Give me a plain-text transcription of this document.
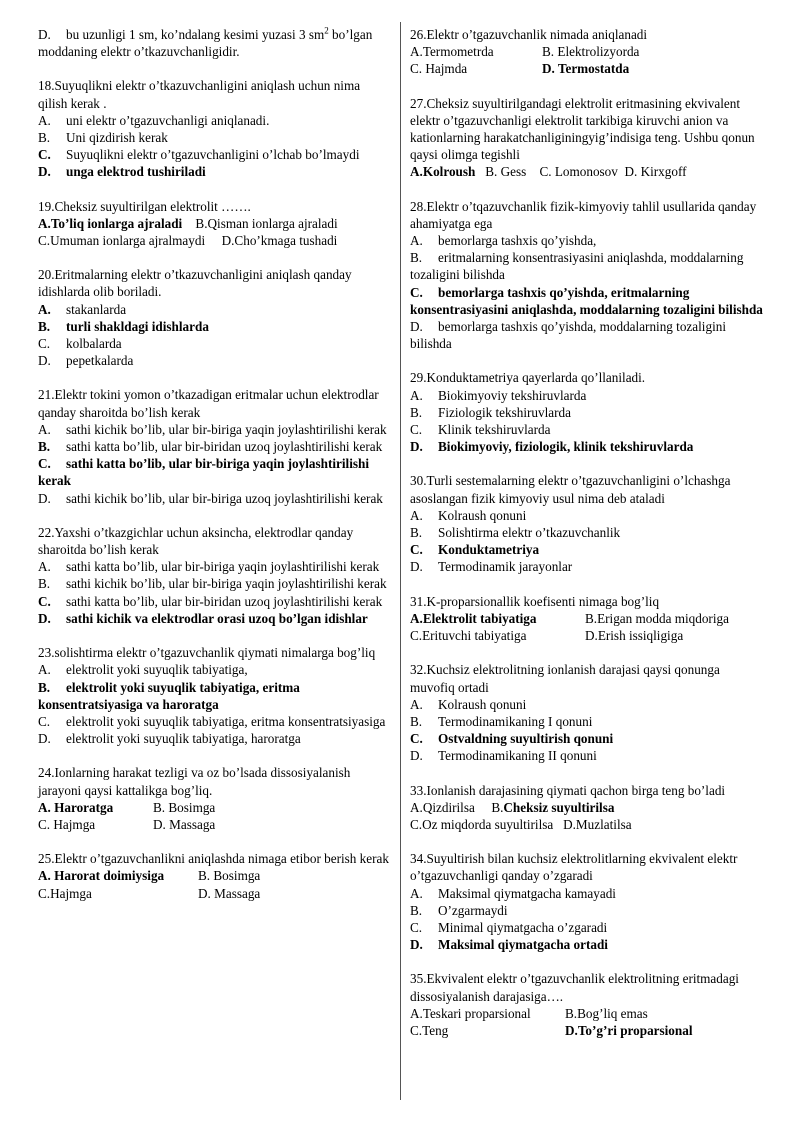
D. bu uzunligi 1 sm, ko’ndalang kesimi yuzasi 3 $sm^2$ bo’lgan moddaning elektr o’tkazuvchanligidir.
18.Suyuqlikni elektr o’tkazuvchanligini aniqlash uchun nima qilish kerak .
A. uni elektr o’tgazuvchanligi aniqlanadi.
B. Uni qizdirish kerak
C. Suyuqlikni elektr o’tgazuvchanligini o’lchab bo’lmaydi
D. unga elektrod tushiriladi
19.Cheksiz suyultirilgan elektrolit …….
A.To’liq ionlarga ajraladi B.Qisman ionlarga ajraladi
C.Umuman ionlarga ajralmaydi D.Cho’kmaga tushadi
20.Eritmalarning elektr o’tkazuvchanligini aniqlash qanday idishlarda olib boriladi.
A. stakanlarda
B. turli shakldagi idishlarda
C. kolbalarda
D. pepetkalarda
21.Elektr tokini yomon o’tkazadigan eritmalar uchun elektrodlar qanday sharoitda bo’lish kerak
A. sathi kichik bo’lib, ular bir-biriga yaqin joylashtirilishi kerak
B. sathi katta bo’lib, ular bir-biridan uzoq joylashtirilishi kerak
C. sathi katta bo’lib, ular bir-biriga yaqin joylashtirilishi kerak
D. sathi kichik bo’lib, ular bir-biriga uzoq joylashtirilishi kerak
22.Yaxshi o’tkazgichlar uchun aksincha, elektrodlar qanday sharoitda bo’lish kerak
A. sathi katta bo’lib, ular bir-biriga yaqin joylashtirilishi kerak
B. sathi kichik bo’lib, ular bir-biriga yaqin joylashtirilishi kerak
C. sathi katta bo’lib, ular bir-biridan uzoq joylashtirilishi kerak
D. sathi kichik va elektrodlar orasi uzoq bo’lgan idishlar
23.solishtirma elektr o’tgazuvchanlik qiymati nimalarga bog’liq
A. elektrolit yoki suyuqlik tabiyatiga,
B. elektrolit yoki suyuqlik tabiyatiga, eritma konsentratsiyasiga va haroratga
C. elektrolit yoki suyuqlik tabiyatiga, eritma konsentratsiyasiga
D. elektrolit yoki suyuqlik tabiyatiga, haroratga
24.Ionlarning harakat tezligi va oz bo’lsada dissosiyalanish jarayoni qaysi kattalikga bog’liq.
A. Haroratga	B. Bosimga
C. Hajmga	D. Massaga
25.Elektr o’tgazuvchanlikni aniqlashda nimaga etibor berish kerak
A. Harorat doimiysiga	B. Bosimga
C.Hajmga	D. Massaga
26.Elektr o’tgazuvchanlik nimada aniqlanadi
A.Termometrda	B. Elektrolizyorda
C. Hajmda	D. Termostatda
27.Cheksiz suyultirilgandagi elektrolit eritmasining ekvivalent elektr o’tgazuvchanligi elektrolit tarkibiga kiruvchi anion va kationlarning harakatchanliginingyig’indisiga teng. Ushbu qonun qaysi olimga tegishli
A.Kolroush B. Gess C. Lomonosov D. Kirxgoff
28.Elektr o’tqazuvchanlik fizik-kimyoviy tahlil usullarida qanday ahamiyatga ega
A. bemorlarga tashxis qo’yishda,
B. eritmalarning konsentrasiyasini aniqlashda, moddalarning tozaligini bilishda
C. bemorlarga tashxis qo’yishda, eritmalarning konsentrasiyasini aniqlashda, moddalarning tozaligini bilishda
D. bemorlarga tashxis qo’yishda, moddalarning tozaligini bilishda
29.Konduktametriya qayerlarda qo’llaniladi.
A. Biokimyoviy tekshiruvlarda
B. Fiziologik tekshiruvlarda
C. Klinik tekshiruvlarda
D. Biokimyoviy, fiziologik, klinik tekshiruvlarda
30.Turli sestemalarning elektr o’tgazuvchanligini o’lchashga asoslangan fizik kimyoviy usul nima deb ataladi
A. Kolraush qonuni
B. Solishtirma elektr o’tkazuvchanlik
C. Konduktametriya
D. Termodinamik jarayonlar
31.K-proparsionallik koefisenti nimaga bog’liq
A.Elektrolit tabiyatiga	B.Erigan modda miqdoriga
C.Erituvchi tabiyatiga	D.Erish issiqligiga
32.Kuchsiz elektrolitning ionlanish darajasi qaysi qonunga muvofiq ortadi
A. Kolraush qonuni
B. Termodinamikaning I qonuni
C. Ostvaldning suyultirish qonuni
D. Termodinamikaning II qonuni
33.Ionlanish darajasining qiymati qachon birga teng bo’ladi
A.Qizdirilsa B.Cheksiz suyultirilsa
C.Oz miqdorda suyultirilsa D.Muzlatilsa
34.Suyultirish bilan kuchsiz elektrolitlarning ekvivalent elektr o’tgazuvchanligi qanday o’zgaradi
A. Maksimal qiymatgacha kamayadi
B. O’zgarmaydi
C. Minimal qiymatgacha o’zgaradi
D. Maksimal qiymatgacha ortadi
35.Ekvivalent elektr o’tgazuvchanlik elektrolitning eritmadagi dissosiyalanish darajasiga….
A.Teskari proparsional	B.Bog’liq emas
C.Teng	D.To’g’ri proparsional
